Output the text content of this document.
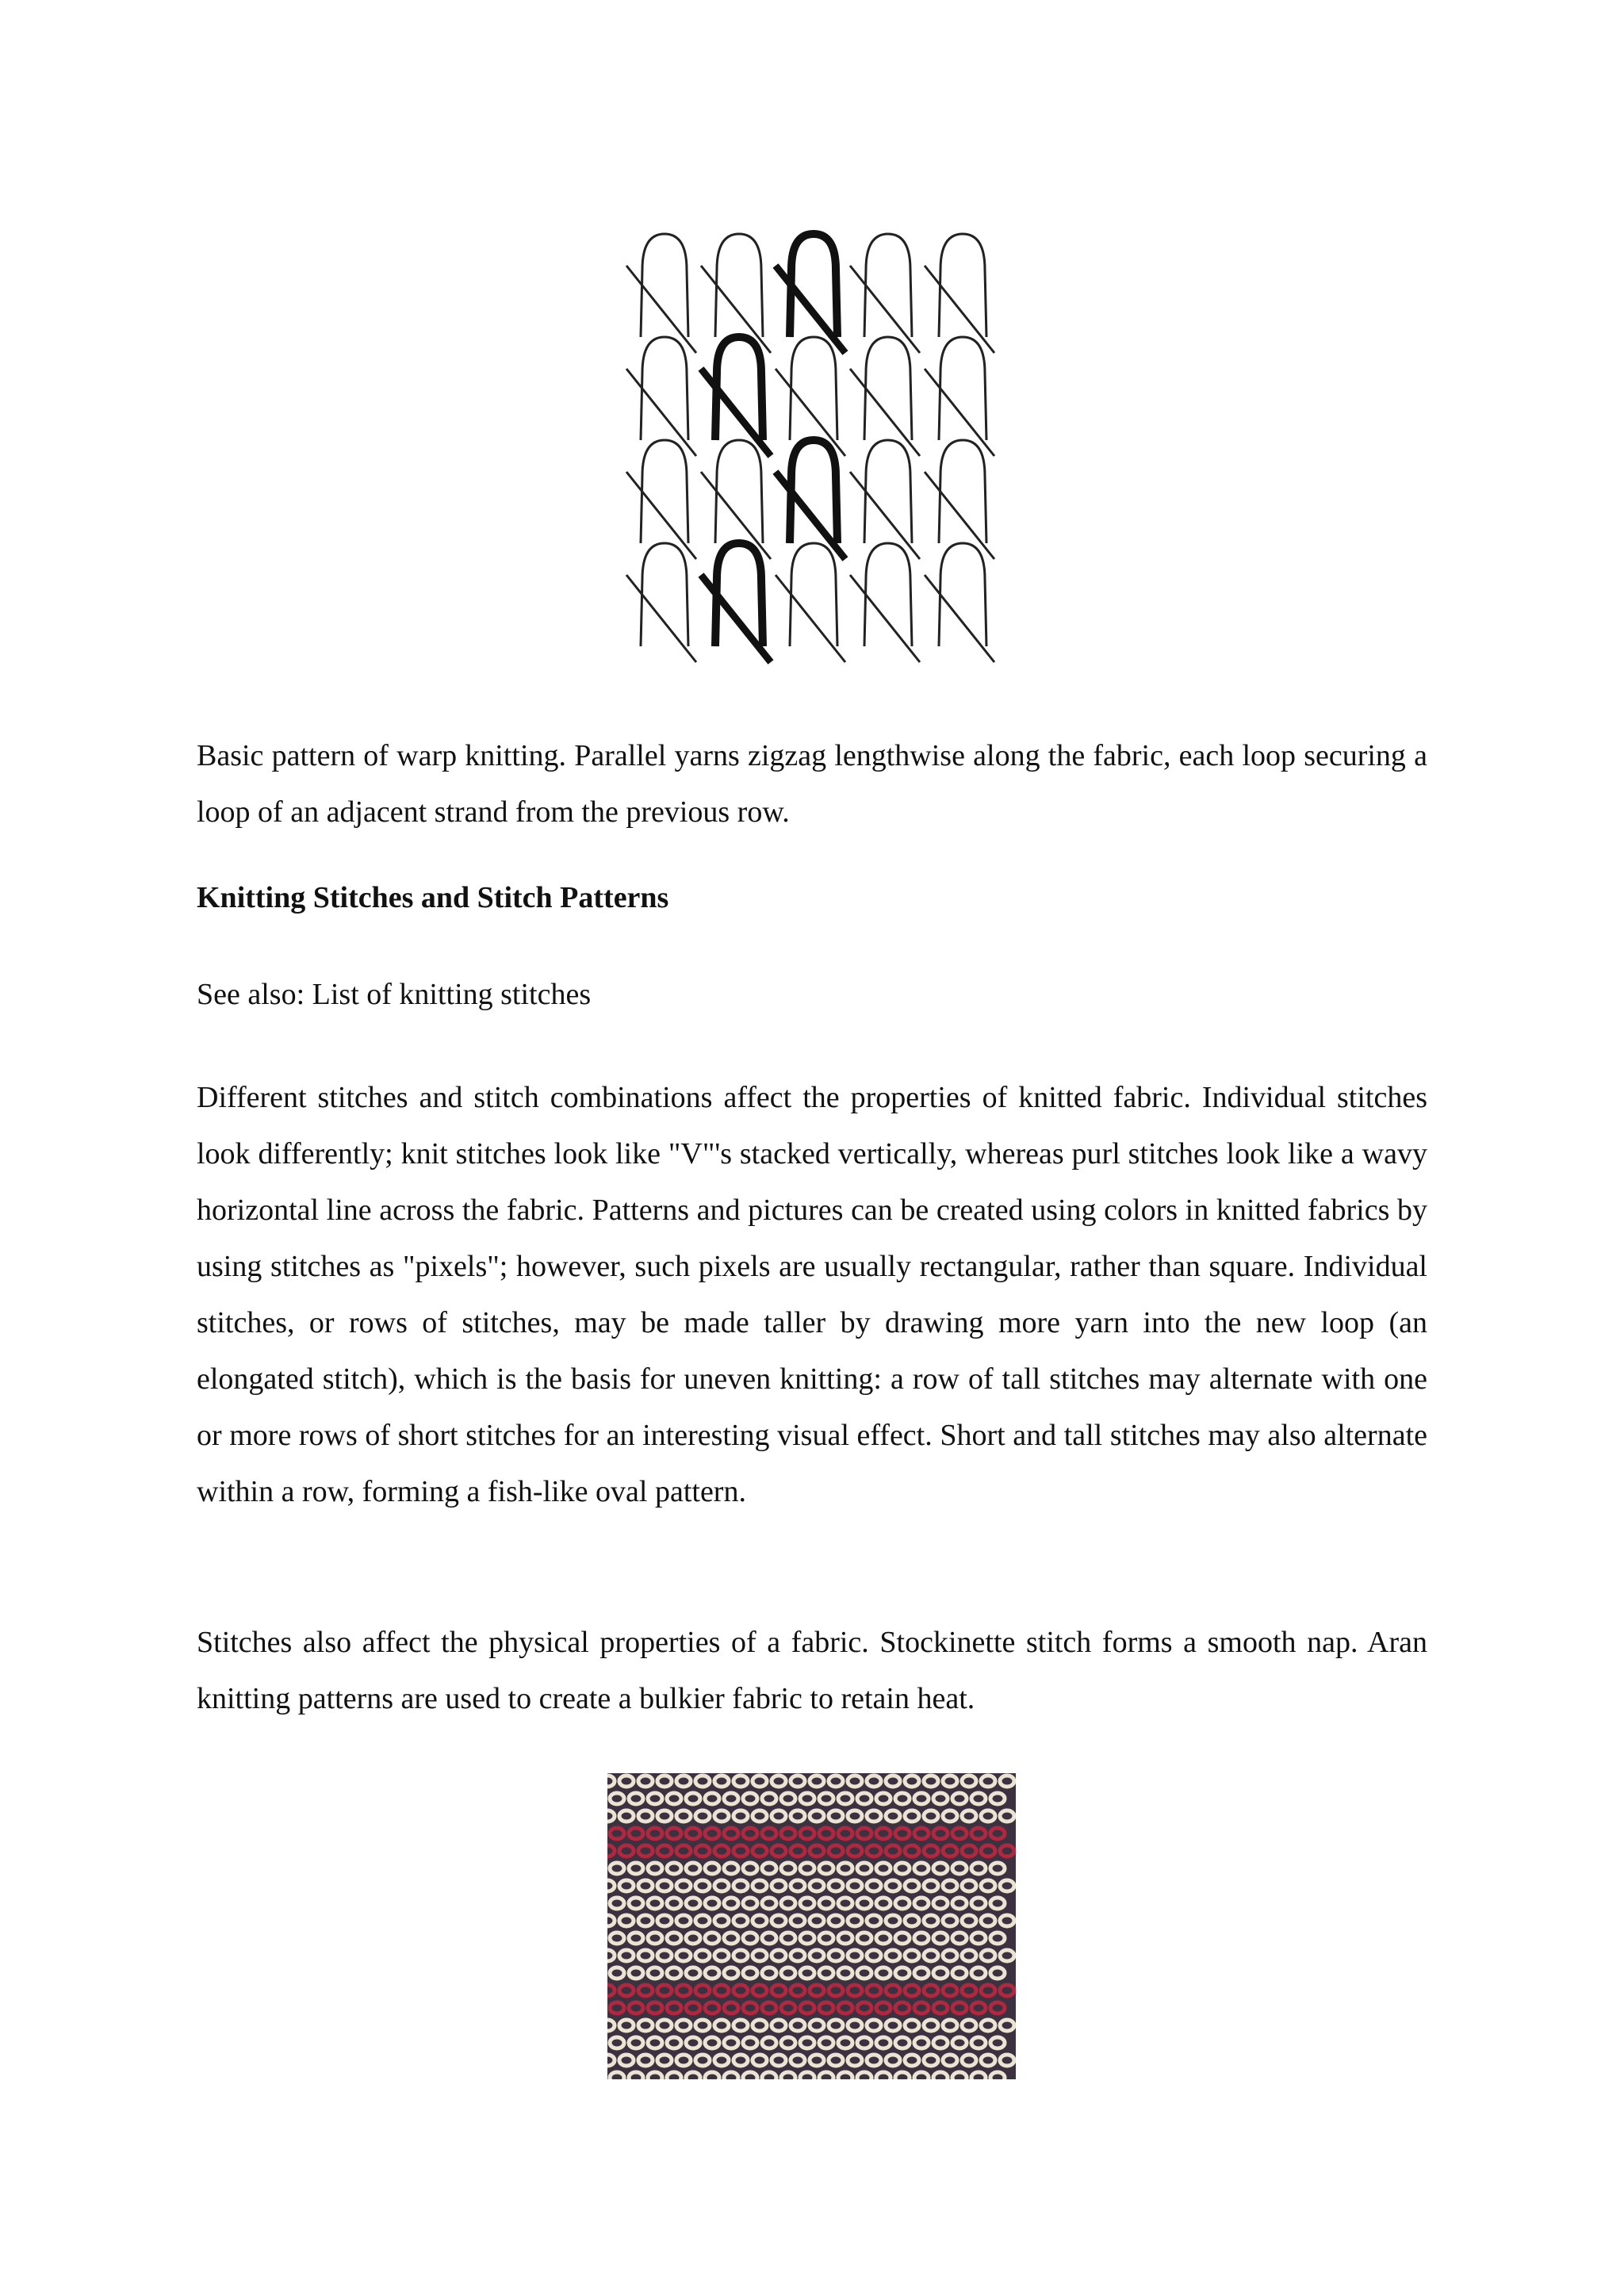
Basic pattern of warp knitting. Parallel yarns zigzag lengthwise along the fabric, each loop securing a loop of an adjacent strand from the previous row.

Knitting Stitches and Stitch Patterns

See also: List of knitting stitches

Different stitches and stitch combinations affect the properties of knitted fabric. Individual stitches look differently; knit stitches look like "V"'s stacked vertically, whereas purl stitches look like a wavy horizontal line across the fabric. Patterns and pictures can be created using colors in knitted fabrics by using stitches as "pixels"; however, such pixels are usually rectangular, rather than square. Individual stitches, or rows of stitches, may be made taller by drawing more yarn into the new loop (an elongated stitch), which is the basis for uneven knitting: a row of tall stitches may alternate with one or more rows of short stitches for an interesting visual effect. Short and tall stitches may also alternate within a row, forming a fish-like oval pattern.

Stitches also affect the physical properties of a fabric. Stockinette stitch forms a smooth nap. Aran knitting patterns are used to create a bulkier fabric to retain heat.
